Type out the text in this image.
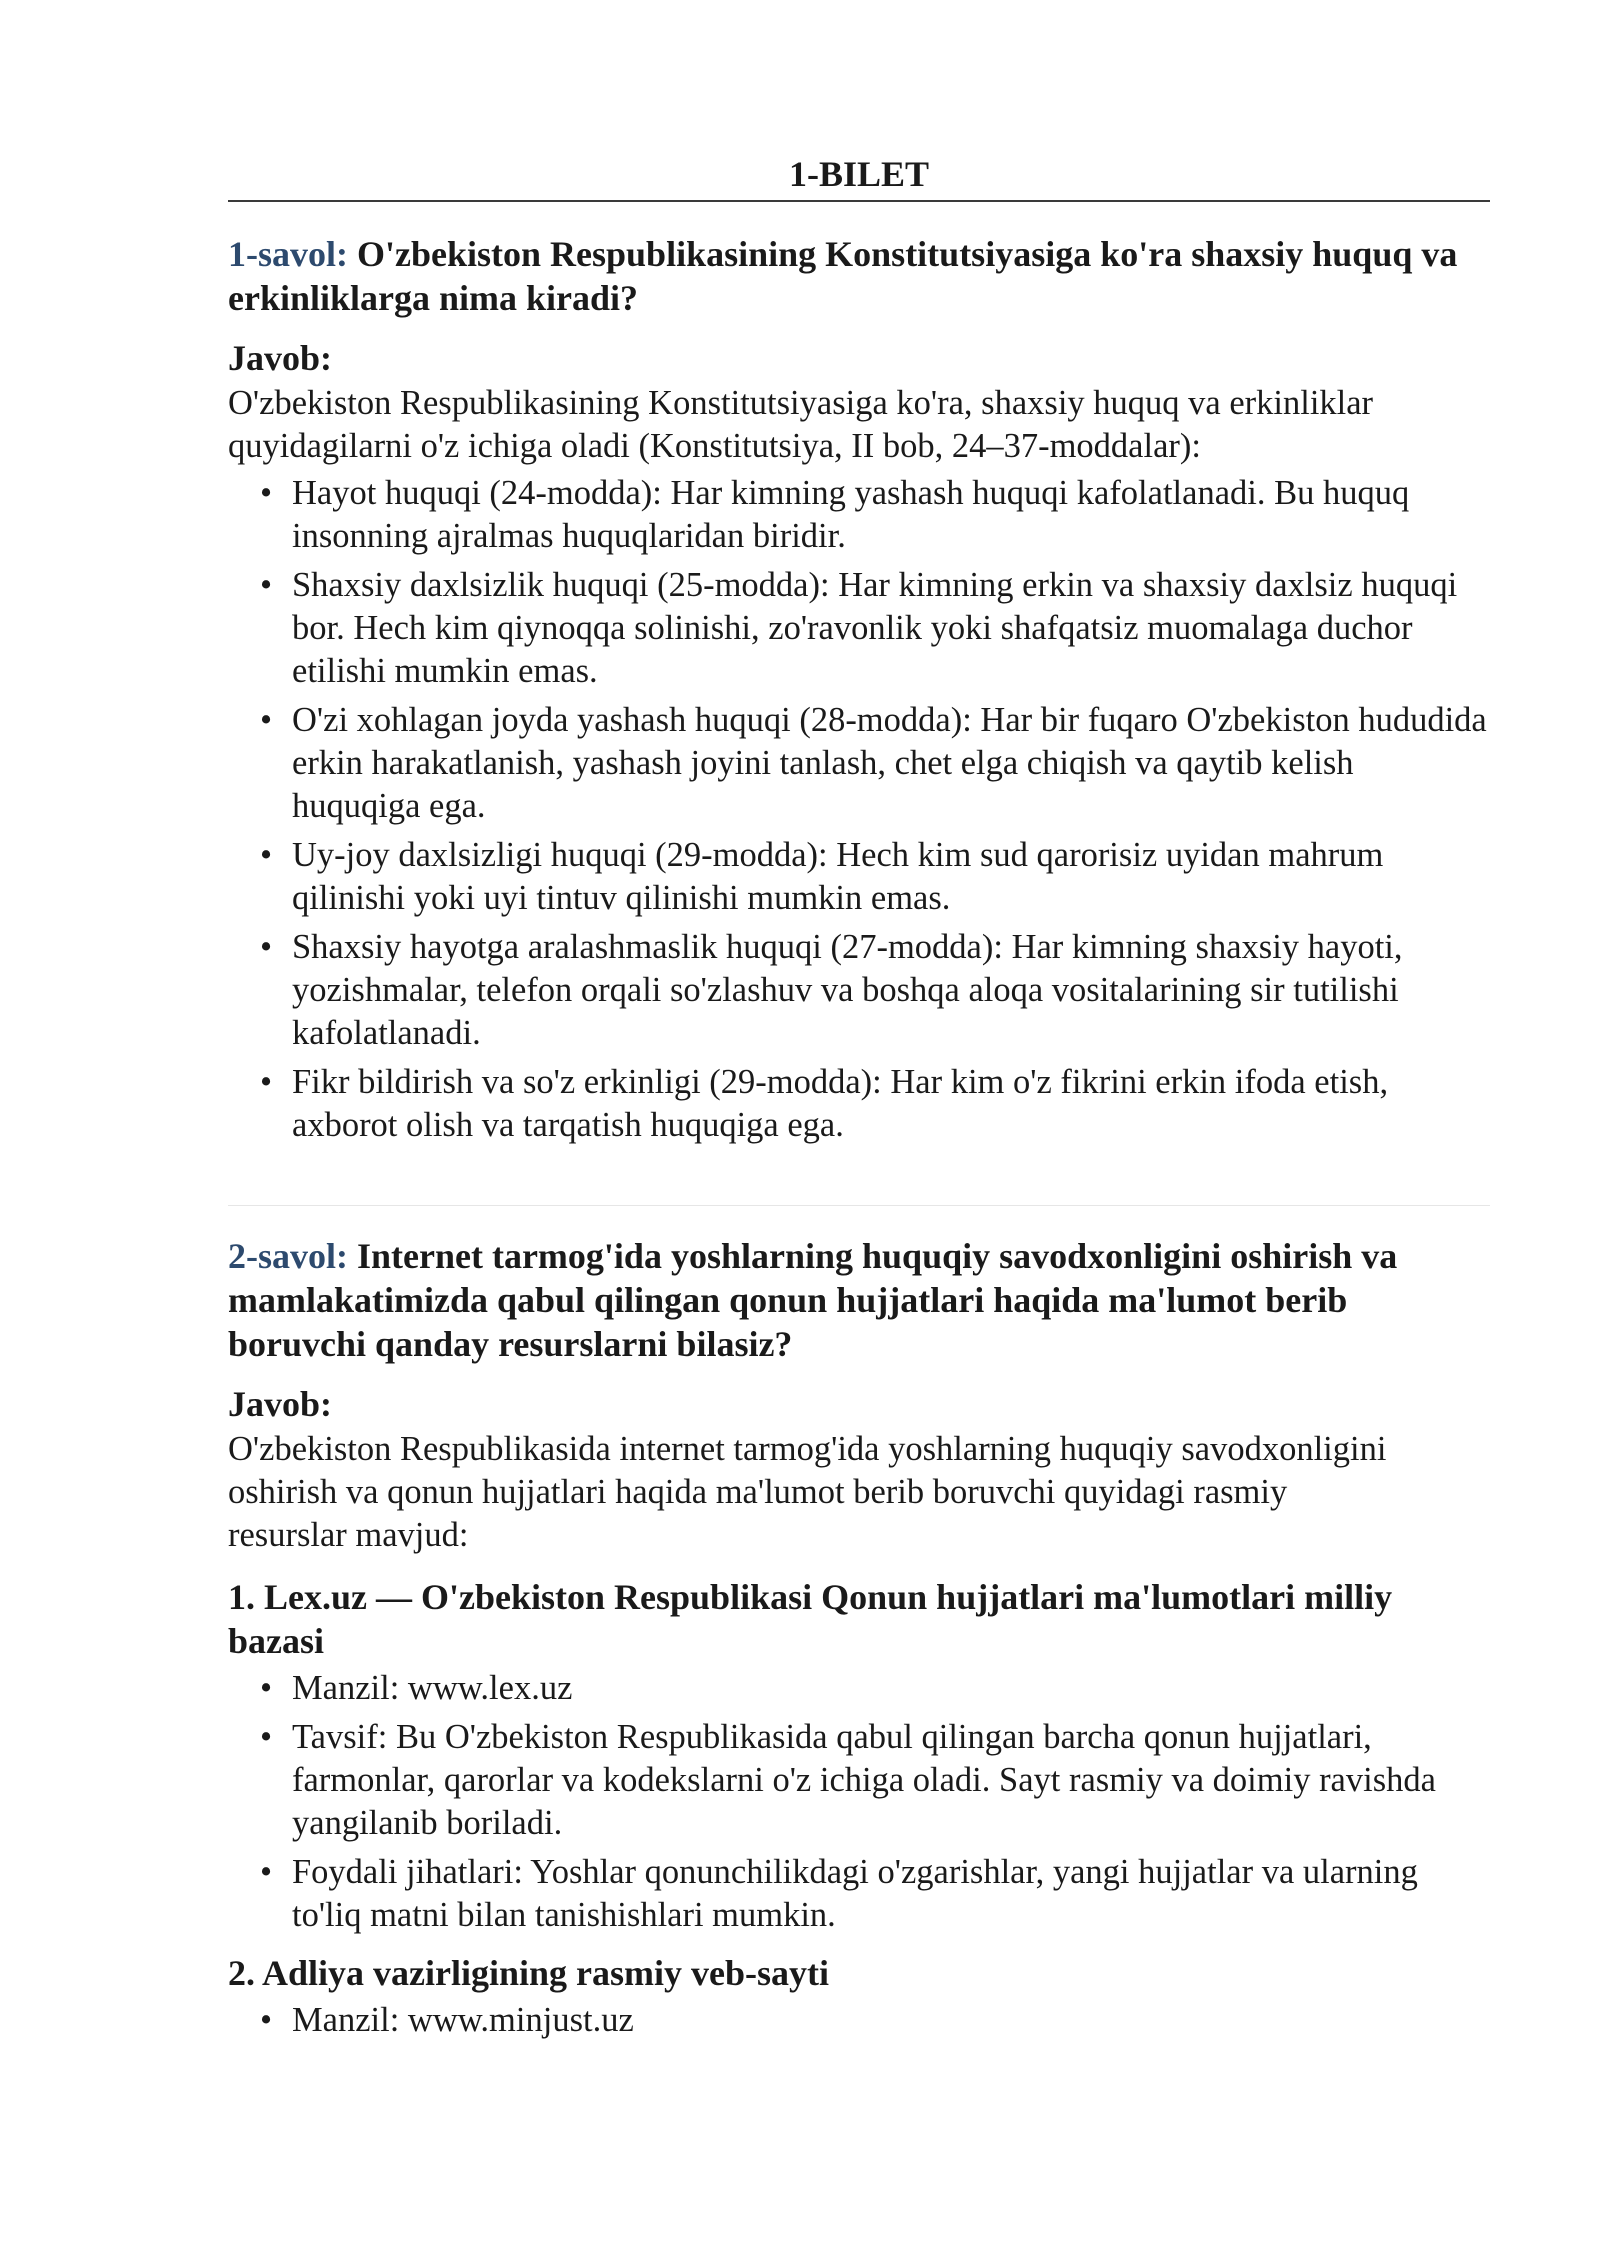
1-BILET

1-savol: O'zbekiston Respublikasining Konstitutsiyasiga ko'ra shaxsiy huquq va erkinliklarga nima kiradi?

Javob:

O'zbekiston Respublikasining Konstitutsiyasiga ko'ra, shaxsiy huquq va erkinliklar quyidagilarni o'z ichiga oladi (Konstitutsiya, II bob, 24–37-moddalar):

• Hayot huquqi (24-modda): Har kimning yashash huquqi kafolatlanadi. Bu huquq insonning ajralmas huquqlaridan biridir.
• Shaxsiy daxlsizlik huquqi (25-modda): Har kimning erkin va shaxsiy daxlsiz huquqi bor. Hech kim qiynoqqa solinishi, zo'ravonlik yoki shafqatsiz muomalaga duchor etilishi mumkin emas.
• O'zi xohlagan joyda yashash huquqi (28-modda): Har bir fuqaro O'zbekiston hududida erkin harakatlanish, yashash joyini tanlash, chet elga chiqish va qaytib kelish huquqiga ega.
• Uy-joy daxlsizligi huquqi (29-modda): Hech kim sud qarorisiz uyidan mahrum qilinishi yoki uyi tintuv qilinishi mumkin emas.
• Shaxsiy hayotga aralashmaslik huquqi (27-modda): Har kimning shaxsiy hayoti, yozishmalar, telefon orqali so'zlashuv va boshqa aloqa vositalarining sir tutilishi kafolatlanadi.
• Fikr bildirish va so'z erkinligi (29-modda): Har kim o'z fikrini erkin ifoda etish, axborot olish va tarqatish huquqiga ega.

2-savol: Internet tarmog'ida yoshlarning huquqiy savodxonligini oshirish va mamlakatimizda qabul qilingan qonun hujjatlari haqida ma'lumot berib boruvchi qanday resurslarni bilasiz?

Javob:

O'zbekiston Respublikasida internet tarmog'ida yoshlarning huquqiy savodxonligini oshirish va qonun hujjatlari haqida ma'lumot berib boruvchi quyidagi rasmiy resurslar mavjud:

1. Lex.uz — O'zbekiston Respublikasi Qonun hujjatlari ma'lumotlari milliy bazasi

• Manzil: www.lex.uz
• Tavsif: Bu O'zbekiston Respublikasida qabul qilingan barcha qonun hujjatlari, farmonlar, qarorlar va kodekslarni o'z ichiga oladi. Sayt rasmiy va doimiy ravishda yangilanib boriladi.
• Foydali jihatlari: Yoshlar qonunchilikdagi o'zgarishlar, yangi hujjatlar va ularning to'liq matni bilan tanishishlari mumkin.

2. Adliya vazirligining rasmiy veb-sayti

• Manzil: www.minjust.uz
